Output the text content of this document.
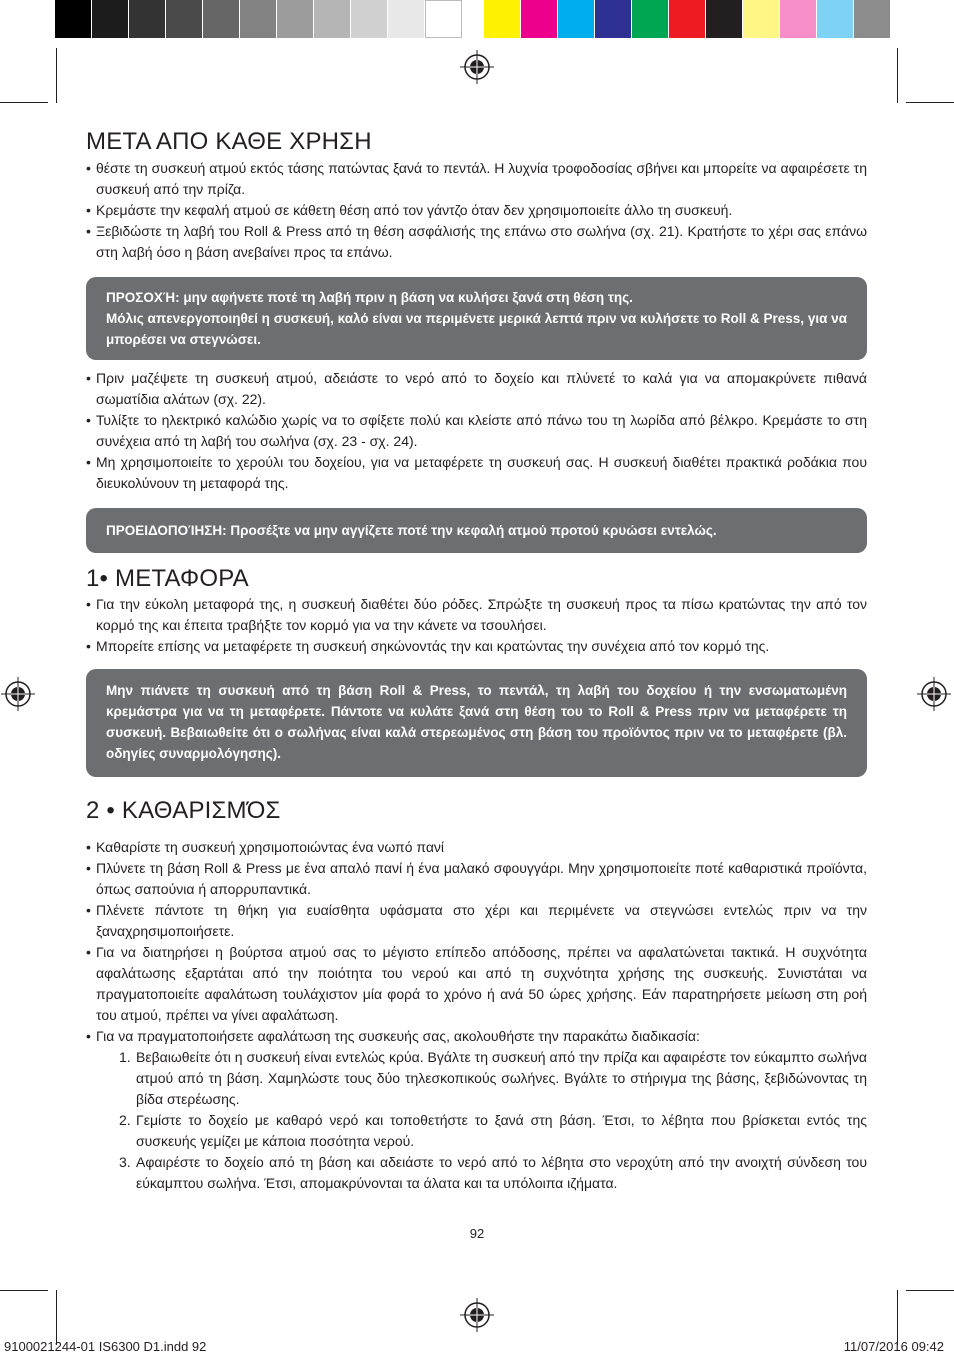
ΜΕΤΑ ΑΠΟ ΚΑΘΕ ΧΡΗΣΗ
• θέστε τη συσκευή ατμού εκτός τάσης πατώντας ξανά το πεντάλ. Η λυχνία τροφοδοσίας σβήνει και μπορείτε να αφαιρέσετε τη συσκευή από την πρίζα.
• Κρεμάστε την κεφαλή ατμού σε κάθετη θέση από τον γάντζο όταν δεν χρησιμοποιείτε άλλο τη συσκευή.
• Ξεβιδώστε τη λαβή του Roll & Press από τη θέση ασφάλισής της επάνω στο σωλήνα (σχ. 21). Κρατήστε το χέρι σας επάνω στη λαβή όσο η βάση ανεβαίνει προς τα επάνω.

ΠΡΟΣΟΧΉ: μην αφήνετε ποτέ τη λαβή πριν η βάση να κυλήσει ξανά στη θέση της.

Μόλις απενεργοποιηθεί η συσκευή, καλό είναι να περιμένετε μερικά λεπτά πριν να κυλήσετε το Roll & Press, για να μπορέσει να στεγνώσει.

• Πριν μαζέψετε τη συσκευή ατμού, αδειάστε το νερό από το δοχείο και πλύνετέ το καλά για να απομακρύνετε πιθανά σωματίδια αλάτων (σχ. 22).
• Τυλίξτε το ηλεκτρικό καλώδιο χωρίς να το σφίξετε πολύ και κλείστε από πάνω του τη λωρίδα από βέλκρο. Κρεμάστε το στη συνέχεια από τη λαβή του σωλήνα (σχ. 23 - σχ. 24).
• Μη χρησιμοποιείτε το χερούλι του δοχείου, για να μεταφέρετε τη συσκευή σας. Η συσκευή διαθέτει πρακτικά ροδάκια που διευκολύνουν τη μεταφορά της.

ΠΡΟΕΙΔΟΠΟΊΗΣΗ: Προσέξτε να μην αγγίζετε ποτέ την κεφαλή ατμού προτού κρυώσει εντελώς.

1• ΜΕΤΑΦΟΡΑ
• Για την εύκολη μεταφορά της, η συσκευή διαθέτει δύο ρόδες. Σπρώξτε τη συσκευή προς τα πίσω κρατώντας την από τον κορμό της και έπειτα τραβήξτε τον κορμό για να την κάνετε να τσουλήσει.
• Μπορείτε επίσης να μεταφέρετε τη συσκευή σηκώνοντάς την και κρατώντας την συνέχεια από τον κορμό της.

Μην πιάνετε τη συσκευή από τη βάση Roll & Press, το πεντάλ, τη λαβή του δοχείου ή την ενσωματωμένη κρεμάστρα για να τη μεταφέρετε. Πάντοτε να κυλάτε ξανά στη θέση του το Roll & Press πριν να μεταφέρετε τη συσκευή. Βεβαιωθείτε ότι ο σωλήνας είναι καλά στερεωμένος στη βάση του προϊόντος πριν να το μεταφέρετε (βλ. οδηγίες συναρμολόγησης).

2 • ΚΑΘΑΡΙΣΜΌΣ
• Καθαρίστε τη συσκευή χρησιμοποιώντας ένα νωπό πανί
• Πλύνετε τη βάση Roll & Press με ένα απαλό πανί ή ένα μαλακό σφουγγάρι. Μην χρησιμοποιείτε ποτέ καθαριστικά προϊόντα, όπως σαπούνια ή απορρυπαντικά.
• Πλένετε πάντοτε τη θήκη για ευαίσθητα υφάσματα στο χέρι και περιμένετε να στεγνώσει εντελώς πριν να την ξαναχρησιμοποιήσετε.
• Για να διατηρήσει η βούρτσα ατμού σας το μέγιστο επίπεδο απόδοσης, πρέπει να αφαλατώνεται τακτικά. Η συχνότητα αφαλάτωσης εξαρτάται από την ποιότητα του νερού και από τη συχνότητα χρήσης της συσκευής. Συνιστάται να πραγματοποιείτε αφαλάτωση τουλάχιστον μία φορά το χρόνο ή ανά 50 ώρες χρήσης. Εάν παρατηρήσετε μείωση στη ροή του ατμού, πρέπει να γίνει αφαλάτωση.
• Για να πραγματοποιήσετε αφαλάτωση της συσκευής σας, ακολουθήστε την παρακάτω διαδικασία:
1. Βεβαιωθείτε ότι η συσκευή είναι εντελώς κρύα. Βγάλτε τη συσκευή από την πρίζα και αφαιρέστε τον εύκαμπτο σωλήνα ατμού από τη βάση. Χαμηλώστε τους δύο τηλεσκοπικούς σωλήνες. Βγάλτε το στήριγμα της βάσης, ξεβιδώνοντας τη βίδα στερέωσης.
2. Γεμίστε το δοχείο με καθαρό νερό και τοποθετήστε το ξανά στη βάση. Έτσι, το λέβητα που βρίσκεται εντός της συσκευής γεμίζει με κάποια ποσότητα νερού.
3. Αφαιρέστε το δοχείο από τη βάση και αδειάστε το νερό από το λέβητα στο νεροχύτη από την ανοιχτή σύνδεση του εύκαμπτου σωλήνα. Έτσι, απομακρύνονται τα άλατα και τα υπόλοιπα ιζήματα.
92
9100021244-01 IS6300 D1.indd 92	11/07/2016 09:42
